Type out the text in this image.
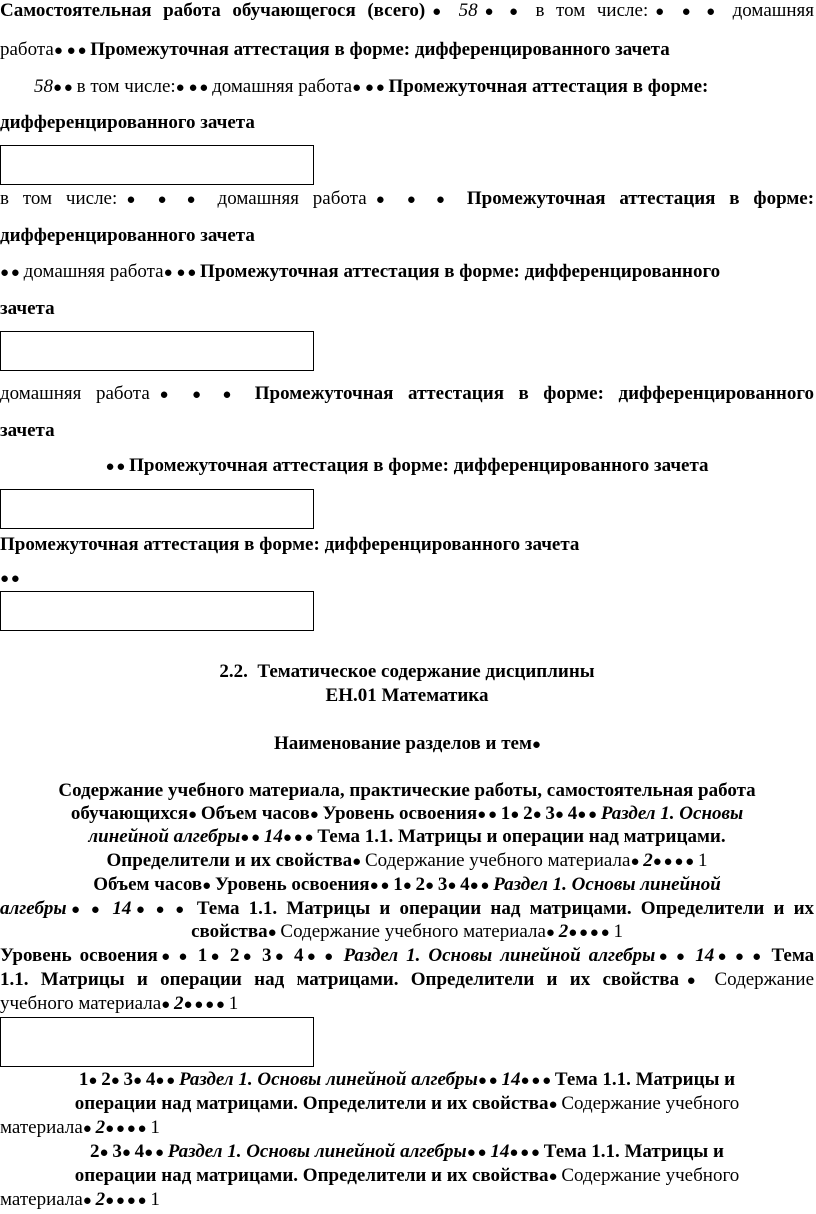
Самостоятельная работа обучающегося (всего)● 58● ● в том числе:● ● ● домашняя
работа● ● ● Промежуточная аттестация в форме: дифференцированного зачета
58● ● в том числе:● ● ● домашняя работа● ● ● Промежуточная аттестация в форме:
дифференцированного зачета
в том числе:● ● ● домашняя работа● ● ● Промежуточная аттестация в форме:
дифференцированного зачета
● ● домашняя работа● ● ● Промежуточная аттестация в форме: дифференцированного
зачета
домашняя работа● ● ● Промежуточная аттестация в форме: дифференцированного
зачета
● ● Промежуточная аттестация в форме: дифференцированного зачета
Промежуточная аттестация в форме: дифференцированного зачета
● ●
2.2. Тематическое содержание дисциплины
ЕН.01 Математика
Наименование разделов и тем●
Содержание учебного материала, практические работы, самостоятельная работа
обучающихся● Объем часов● Уровень освоения● ● 1● 2● 3● 4● ● Раздел 1. Основы
линейной алгебры● ● 14● ● ● Тема 1.1. Матрицы и операции над матрицами.
Определители и их свойства● Содержание учебного материала● 2● ● ● ● 1
Объем часов● Уровень освоения● ● 1● 2● 3● 4● ● Раздел 1. Основы линейной
алгебры● ● 14● ● ● Тема 1.1. Матрицы и операции над матрицами. Определители и их
свойства● Содержание учебного материала● 2● ● ● ● 1
Уровень освоения● ● 1● 2● 3● 4● ● Раздел 1. Основы линейной алгебры● ● 14● ● ● Тема
1.1. Матрицы и операции над матрицами. Определители и их свойства● Содержание
учебного материала● 2● ● ● ● 1
1● 2● 3● 4● ● Раздел 1. Основы линейной алгебры● ● 14● ● ● Тема 1.1. Матрицы и
операции над матрицами. Определители и их свойства● Содержание учебного
материала● 2● ● ● ● 1
2● 3● 4● ● Раздел 1. Основы линейной алгебры● ● 14● ● ● Тема 1.1. Матрицы и
операции над матрицами. Определители и их свойства● Содержание учебного
материала● 2● ● ● ● 1
